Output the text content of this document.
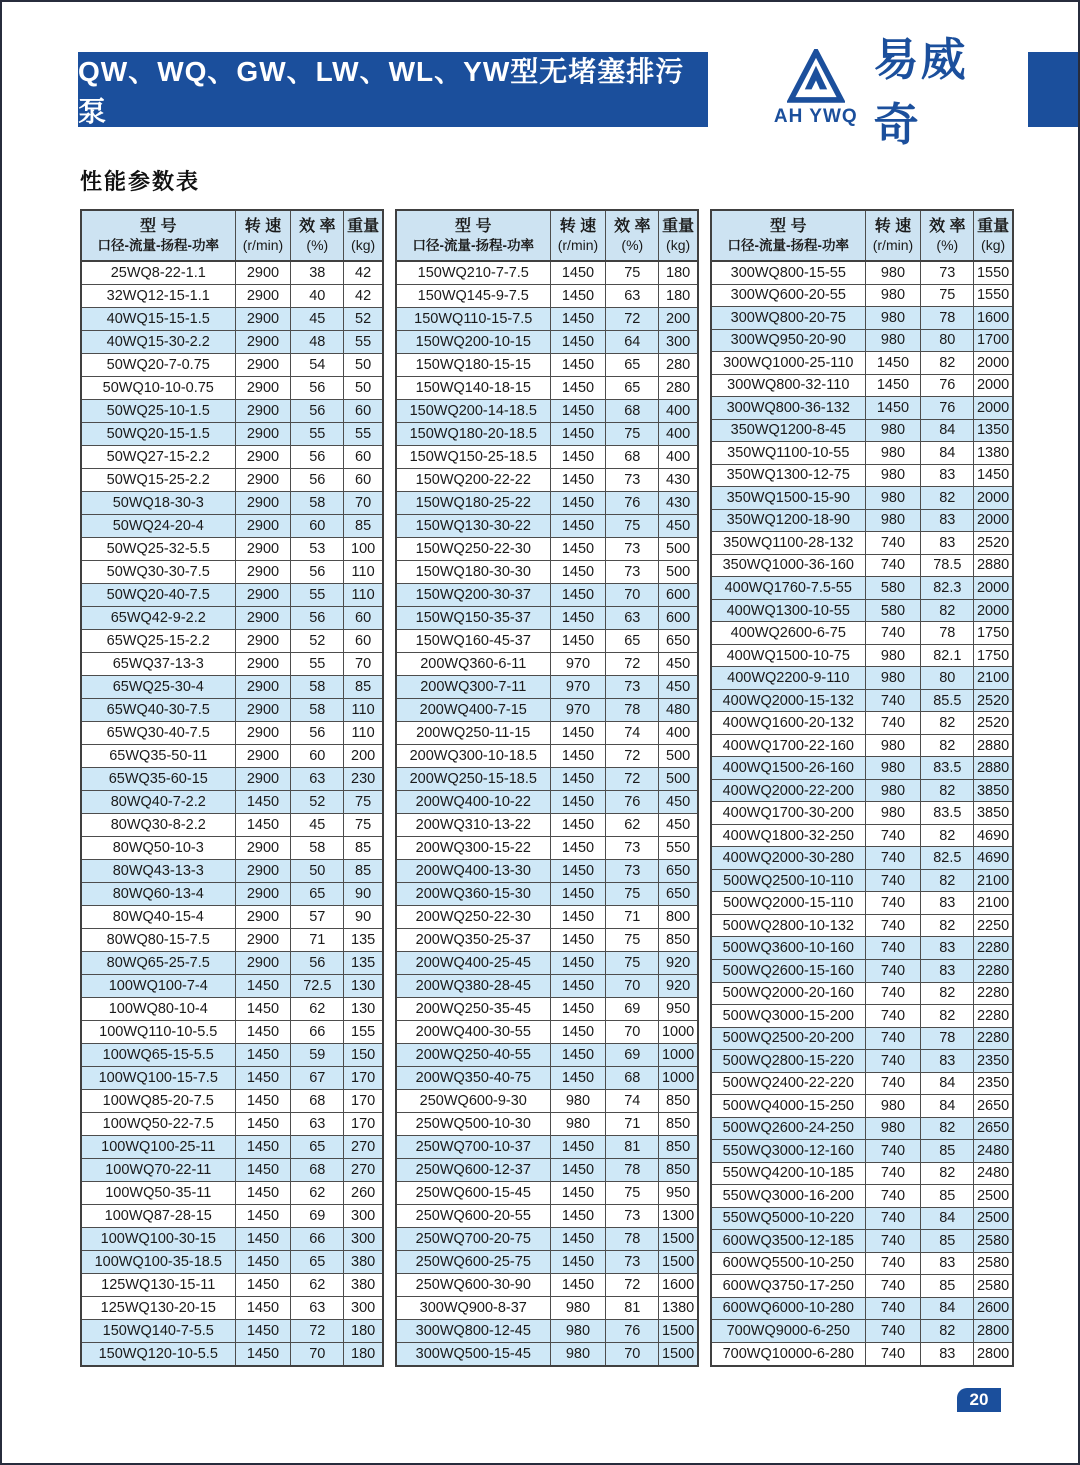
QW、WQ、GW、LW、WL、YW型无堵塞排污泵	AH YWQ
易威奇
性能参数表
型 号
口径-流量-扬程-功率

转 速
(r/min)

效 率
(%)

重量
(kg)

25WQ8-22-1.1	2900	38	42
32WQ12-15-1.1	2900	40	42
40WQ15-15-1.5	2900	45	52
40WQ15-30-2.2	2900	48	55
50WQ20-7-0.75	2900	54	50
50WQ10-10-0.75	2900	56	50
50WQ25-10-1.5	2900	56	60
50WQ20-15-1.5	2900	55	55
50WQ27-15-2.2	2900	56	60
50WQ15-25-2.2	2900	56	60
50WQ18-30-3	2900	58	70
50WQ24-20-4	2900	60	85
50WQ25-32-5.5	2900	53	100
50WQ30-30-7.5	2900	56	110
50WQ20-40-7.5	2900	55	110
65WQ42-9-2.2	2900	56	60
65WQ25-15-2.2	2900	52	60
65WQ37-13-3	2900	55	70
65WQ25-30-4	2900	58	85
65WQ40-30-7.5	2900	58	110
65WQ30-40-7.5	2900	56	110
65WQ35-50-11	2900	60	200
65WQ35-60-15	2900	63	230
80WQ40-7-2.2	1450	52	75
80WQ30-8-2.2	1450	45	75
80WQ50-10-3	2900	58	85
80WQ43-13-3	2900	50	85
80WQ60-13-4	2900	65	90
80WQ40-15-4	2900	57	90
80WQ80-15-7.5	2900	71	135
80WQ65-25-7.5	2900	56	135
100WQ100-7-4	1450	72.5	130
100WQ80-10-4	1450	62	130
100WQ110-10-5.5	1450	66	155
100WQ65-15-5.5	1450	59	150
100WQ100-15-7.5	1450	67	170
100WQ85-20-7.5	1450	68	170
100WQ50-22-7.5	1450	63	170
100WQ100-25-11	1450	65	270
100WQ70-22-11	1450	68	270
100WQ50-35-11	1450	62	260
100WQ87-28-15	1450	69	300
100WQ100-30-15	1450	66	300
100WQ100-35-18.5	1450	65	380
125WQ130-15-11	1450	62	380
125WQ130-20-15	1450	63	300
150WQ140-7-5.5	1450	72	180
150WQ120-10-5.5	1450	70	180
型 号
口径-流量-扬程-功率

转 速
(r/min)

效 率
(%)

重量
(kg)

150WQ210-7-7.5	1450	75	180
150WQ145-9-7.5	1450	63	180
150WQ110-15-7.5	1450	72	200
150WQ200-10-15	1450	64	300
150WQ180-15-15	1450	65	280
150WQ140-18-15	1450	65	280
150WQ200-14-18.5	1450	68	400
150WQ180-20-18.5	1450	75	400
150WQ150-25-18.5	1450	68	400
150WQ200-22-22	1450	73	430
150WQ180-25-22	1450	76	430
150WQ130-30-22	1450	75	450
150WQ250-22-30	1450	73	500
150WQ180-30-30	1450	73	500
150WQ200-30-37	1450	70	600
150WQ150-35-37	1450	63	600
150WQ160-45-37	1450	65	650
200WQ360-6-11	970	72	450
200WQ300-7-11	970	73	450
200WQ400-7-15	970	78	480
200WQ250-11-15	1450	74	400
200WQ300-10-18.5	1450	72	500
200WQ250-15-18.5	1450	72	500
200WQ400-10-22	1450	76	450
200WQ310-13-22	1450	62	450
200WQ300-15-22	1450	73	550
200WQ400-13-30	1450	73	650
200WQ360-15-30	1450	75	650
200WQ250-22-30	1450	71	800
200WQ350-25-37	1450	75	850
200WQ400-25-45	1450	75	920
200WQ380-28-45	1450	70	920
200WQ250-35-45	1450	69	950
200WQ400-30-55	1450	70	1000
200WQ250-40-55	1450	69	1000
200WQ350-40-75	1450	68	1000
250WQ600-9-30	980	74	850
250WQ500-10-30	980	71	850
250WQ700-10-37	1450	81	850
250WQ600-12-37	1450	78	850
250WQ600-15-45	1450	75	950
250WQ600-20-55	1450	73	1300
250WQ700-20-75	1450	78	1500
250WQ600-25-75	1450	73	1500
250WQ600-30-90	1450	72	1600
300WQ900-8-37	980	81	1380
300WQ800-12-45	980	76	1500
300WQ500-15-45	980	70	1500
型 号
口径-流量-扬程-功率

转 速
(r/min)

效 率
(%)

重量
(kg)

300WQ800-15-55	980	73	1550
300WQ600-20-55	980	75	1550
300WQ800-20-75	980	78	1600
300WQ950-20-90	980	80	1700
300WQ1000-25-110	1450	82	2000
300WQ800-32-110	1450	76	2000
300WQ800-36-132	1450	76	2000
350WQ1200-8-45	980	84	1350
350WQ1100-10-55	980	84	1380
350WQ1300-12-75	980	83	1450
350WQ1500-15-90	980	82	2000
350WQ1200-18-90	980	83	2000
350WQ1100-28-132	740	83	2520
350WQ1000-36-160	740	78.5	2880
400WQ1760-7.5-55	580	82.3	2000
400WQ1300-10-55	580	82	2000
400WQ2600-6-75	740	78	1750
400WQ1500-10-75	980	82.1	1750
400WQ2200-9-110	980	80	2100
400WQ2000-15-132	740	85.5	2520
400WQ1600-20-132	740	82	2520
400WQ1700-22-160	980	82	2880
400WQ1500-26-160	980	83.5	2880
400WQ2000-22-200	980	82	3850
400WQ1700-30-200	980	83.5	3850
400WQ1800-32-250	740	82	4690
400WQ2000-30-280	740	82.5	4690
500WQ2500-10-110	740	82	2100
500WQ2000-15-110	740	83	2100
500WQ2800-10-132	740	82	2250
500WQ3600-10-160	740	83	2280
500WQ2600-15-160	740	83	2280
500WQ2000-20-160	740	82	2280
500WQ3000-15-200	740	82	2280
500WQ2500-20-200	740	78	2280
500WQ2800-15-220	740	83	2350
500WQ2400-22-220	740	84	2350
500WQ4000-15-250	980	84	2650
500WQ2600-24-250	980	82	2650
550WQ3000-12-160	740	85	2480
550WQ4200-10-185	740	82	2480
550WQ3000-16-200	740	85	2500
550WQ5000-10-220	740	84	2500
600WQ3500-12-185	740	85	2580
600WQ5500-10-250	740	83	2580
600WQ3750-17-250	740	85	2580
600WQ6000-10-280	740	84	2600
700WQ9000-6-250	740	82	2800
700WQ10000-6-280	740	83	2800
20
